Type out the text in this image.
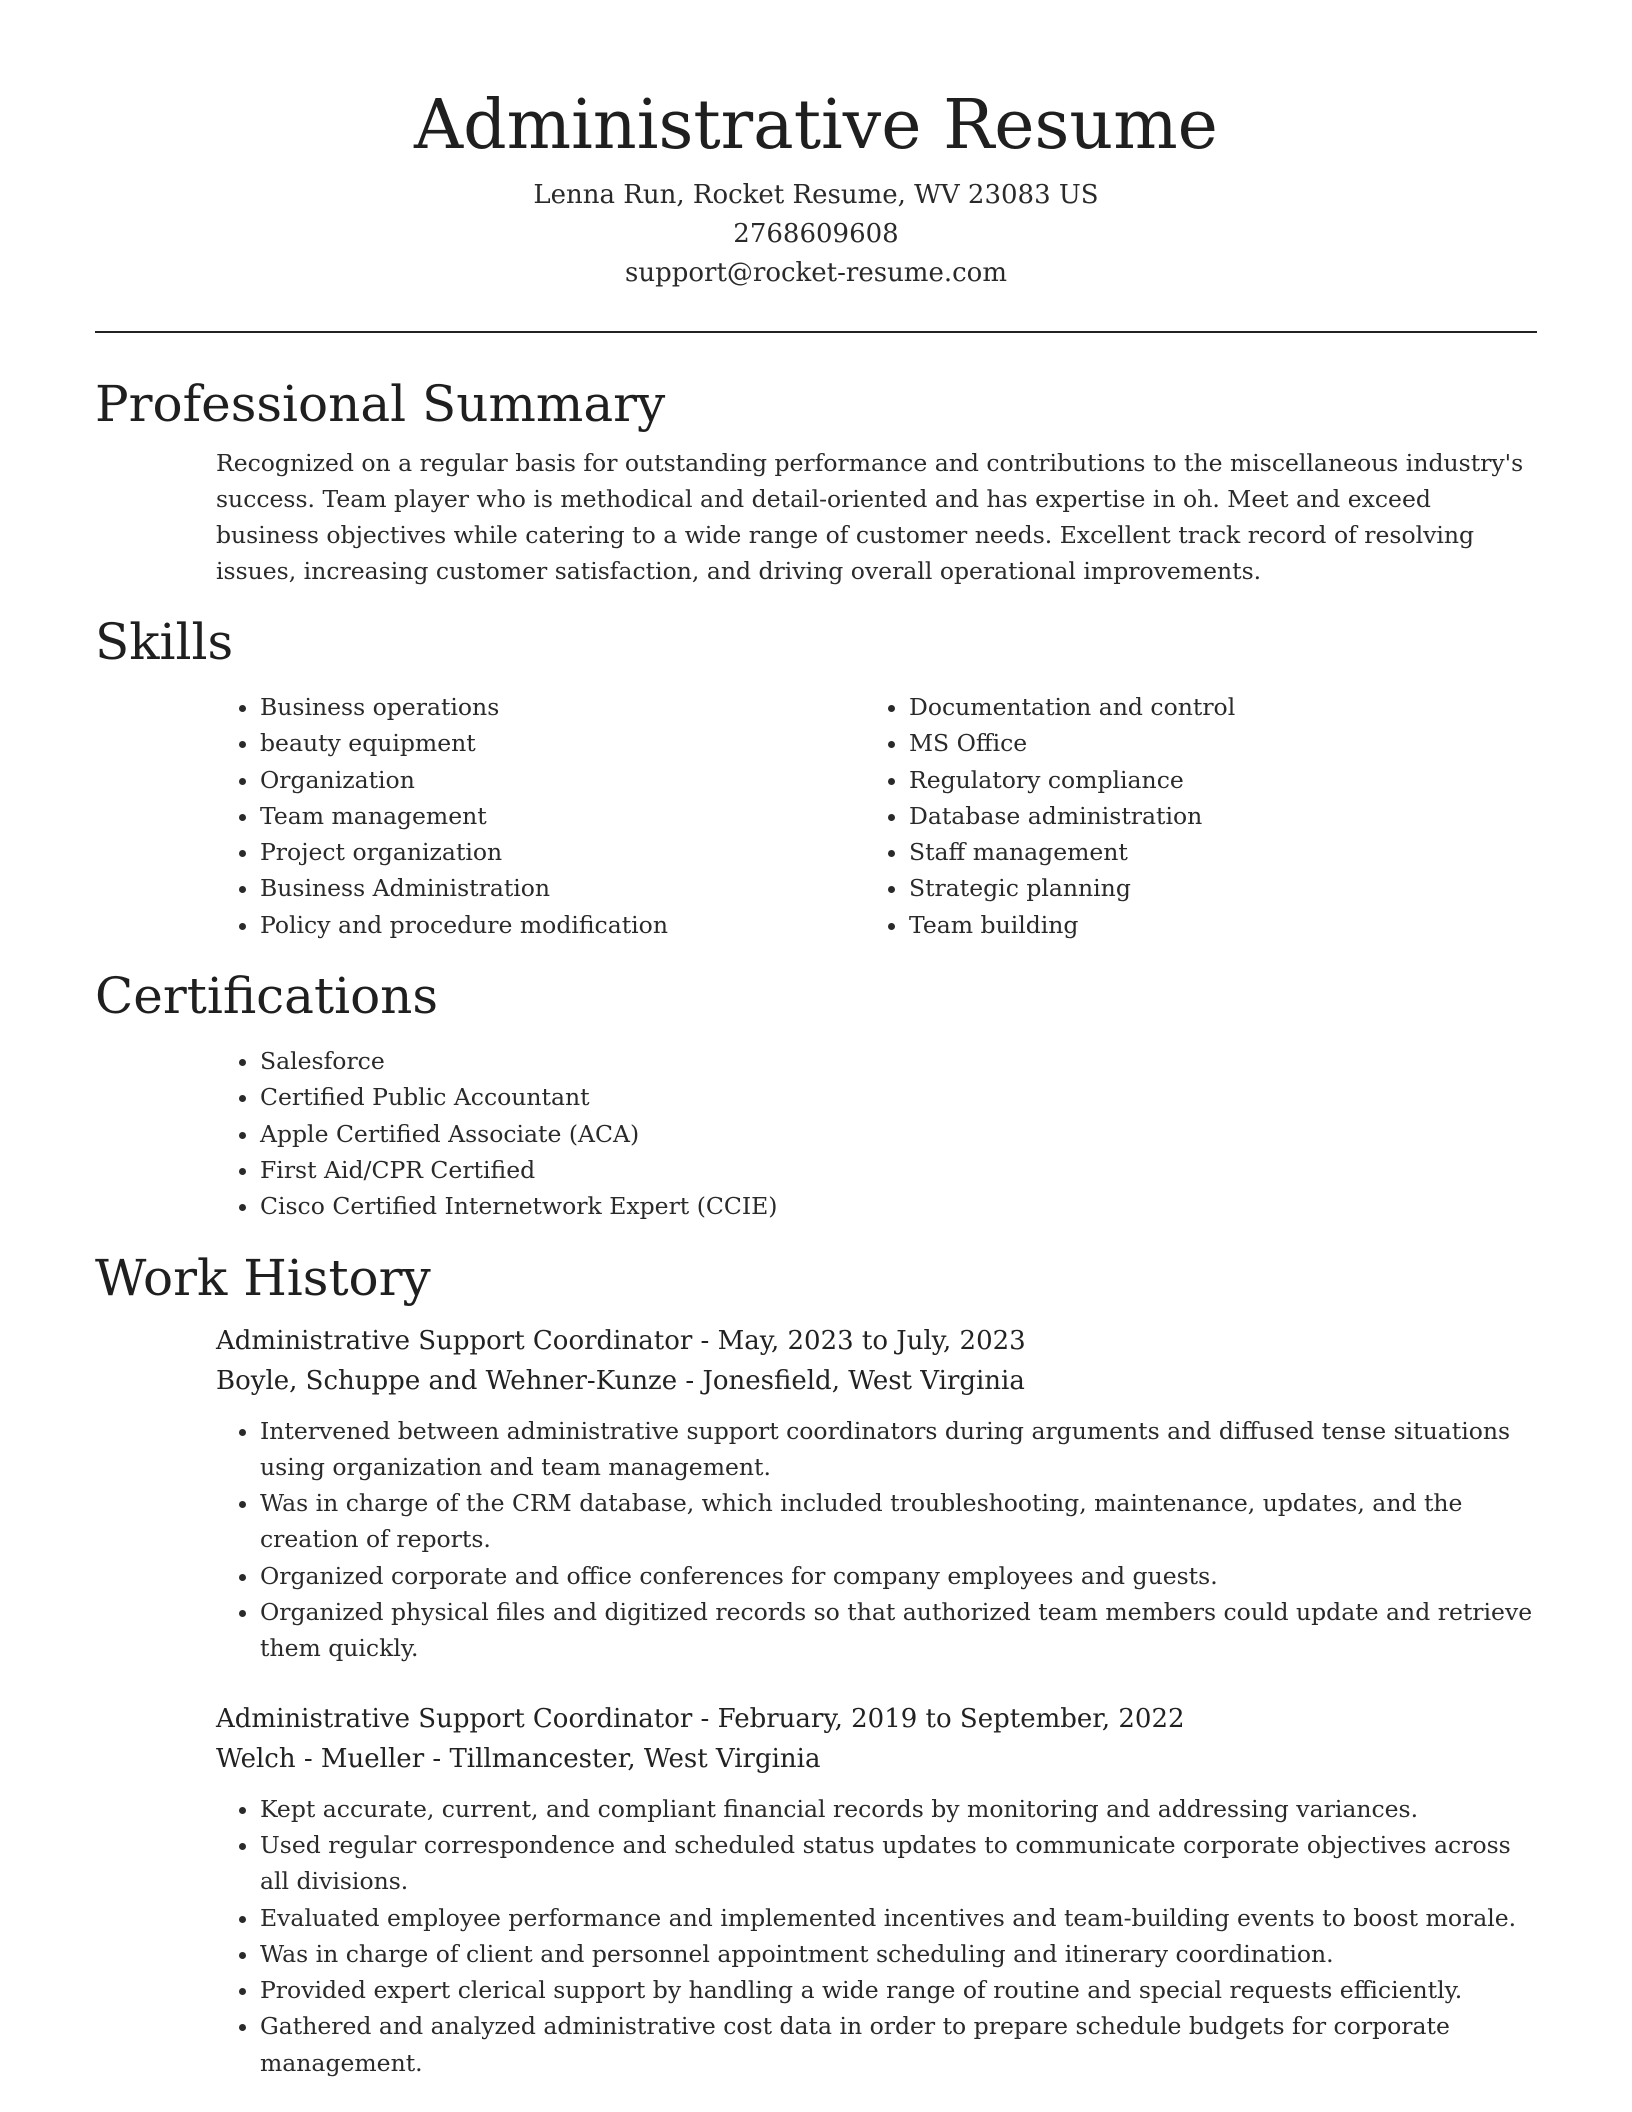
Administrative Resume
Lenna Run, Rocket Resume, WV 23083 US
2768609608
support@rocket-resume.com
Professional Summary

Recognized on a regular basis for outstanding performance and contributions to the miscellaneous industry's success. Team player who is methodical and detail-oriented and has expertise in oh. Meet and exceed business objectives while catering to a wide range of customer needs. Excellent track record of resolving issues, increasing customer satisfaction, and driving overall operational improvements.

Skills
• Business operations
• beauty equipment
• Organization
• Team management
• Project organization
• Business Administration
• Policy and procedure modification
• Documentation and control
• MS Office
• Regulatory compliance
• Database administration
• Staff management
• Strategic planning
• Team building
Certifications
• Salesforce
• Certified Public Accountant
• Apple Certified Associate (ACA)
• First Aid/CPR Certified
• Cisco Certified Internetwork Expert (CCIE)
Work History
Administrative Support Coordinator - May, 2023 to July, 2023
Boyle, Schuppe and Wehner-Kunze - Jonesfield, West Virginia
• Intervened between administrative support coordinators during arguments and diffused tense situations using organization and team management.
• Was in charge of the CRM database, which included troubleshooting, maintenance, updates, and the creation of reports.
• Organized corporate and office conferences for company employees and guests.
• Organized physical files and digitized records so that authorized team members could update and retrieve them quickly.
Administrative Support Coordinator - February, 2019 to September, 2022
Welch - Mueller - Tillmancester, West Virginia
• Kept accurate, current, and compliant financial records by monitoring and addressing variances.
• Used regular correspondence and scheduled status updates to communicate corporate objectives across all divisions.
• Evaluated employee performance and implemented incentives and team-building events to boost morale.
• Was in charge of client and personnel appointment scheduling and itinerary coordination.
• Provided expert clerical support by handling a wide range of routine and special requests efficiently.
• Gathered and analyzed administrative cost data in order to prepare schedule budgets for corporate management.
